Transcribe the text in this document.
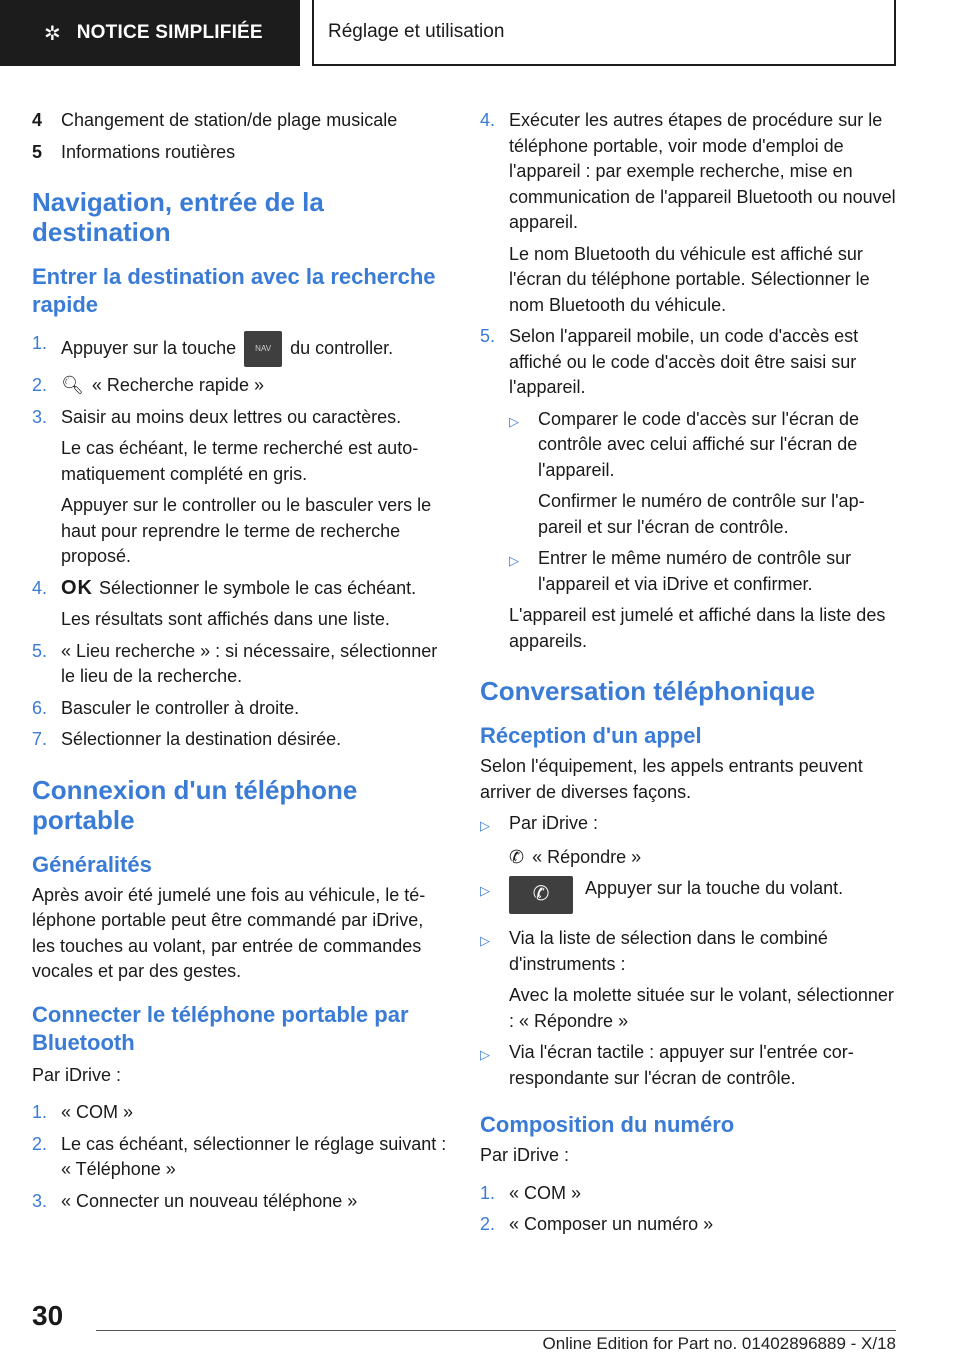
✲ NOTICE SIMPLIFIÉE	Réglage et utilisation
4	Changement de station/de plage musicale
5	Informations routières
Navigation, entrée de la destination
Entrer la destination avec la recherche rapide
1. Appuyer sur la touche NAV du controller.
2. 🔍︎ « Recherche rapide »
3. Saisir au moins deux lettres ou caractères.
Le cas échéant, le terme recherché est automatiquement complété en gris.
Appuyer sur le controller ou le basculer vers le haut pour reprendre le terme de recherche proposé.
4. OK Sélectionner le symbole le cas échéant.
Les résultats sont affichés dans une liste.
5. « Lieu recherche » : si nécessaire, sélectionner le lieu de la recherche.
6. Basculer le controller à droite.
7. Sélectionner la destination désirée.
Connexion d'un téléphone portable
Généralités
Après avoir été jumelé une fois au véhicule, le téléphone portable peut être commandé par iDrive, les touches au volant, par entrée de commandes vocales et par des gestes.
Connecter le téléphone portable par Bluetooth
Par iDrive :
1. « COM »
2. Le cas échéant, sélectionner le réglage suivant : « Téléphone »
3. « Connecter un nouveau téléphone »
4. Exécuter les autres étapes de procédure sur le téléphone portable, voir mode d'emploi de l'appareil : par exemple recherche, mise en communication de l'appareil Bluetooth ou nouvel appareil.
Le nom Bluetooth du véhicule est affiché sur l'écran du téléphone portable. Sélectionner le nom Bluetooth du véhicule.
5. Selon l'appareil mobile, un code d'accès est affiché ou le code d'accès doit être saisi sur l'appareil.
▷	Comparer le code d'accès sur l'écran de contrôle avec celui affiché sur l'écran de l'appareil.
Confirmer le numéro de contrôle sur l'appareil et sur l'écran de contrôle.
▷	Entrer le même numéro de contrôle sur l'appareil et via iDrive et confirmer.
L'appareil est jumelé et affiché dans la liste des appareils.
Conversation téléphonique
Réception d'un appel
Selon l'équipement, les appels entrants peuvent arriver de diverses façons.
▷	Par iDrive :
✆ « Répondre »
▷	✆ Appuyer sur la touche du volant.
▷	Via la liste de sélection dans le combiné d'instruments :
Avec la molette située sur le volant, sélectionner : « Répondre »
▷	Via l'écran tactile : appuyer sur l'entrée correspondante sur l'écran de contrôle.
Composition du numéro
Par iDrive :
1. « COM »
2. « Composer un numéro »
30
Online Edition for Part no. 01402896889 - X/18
